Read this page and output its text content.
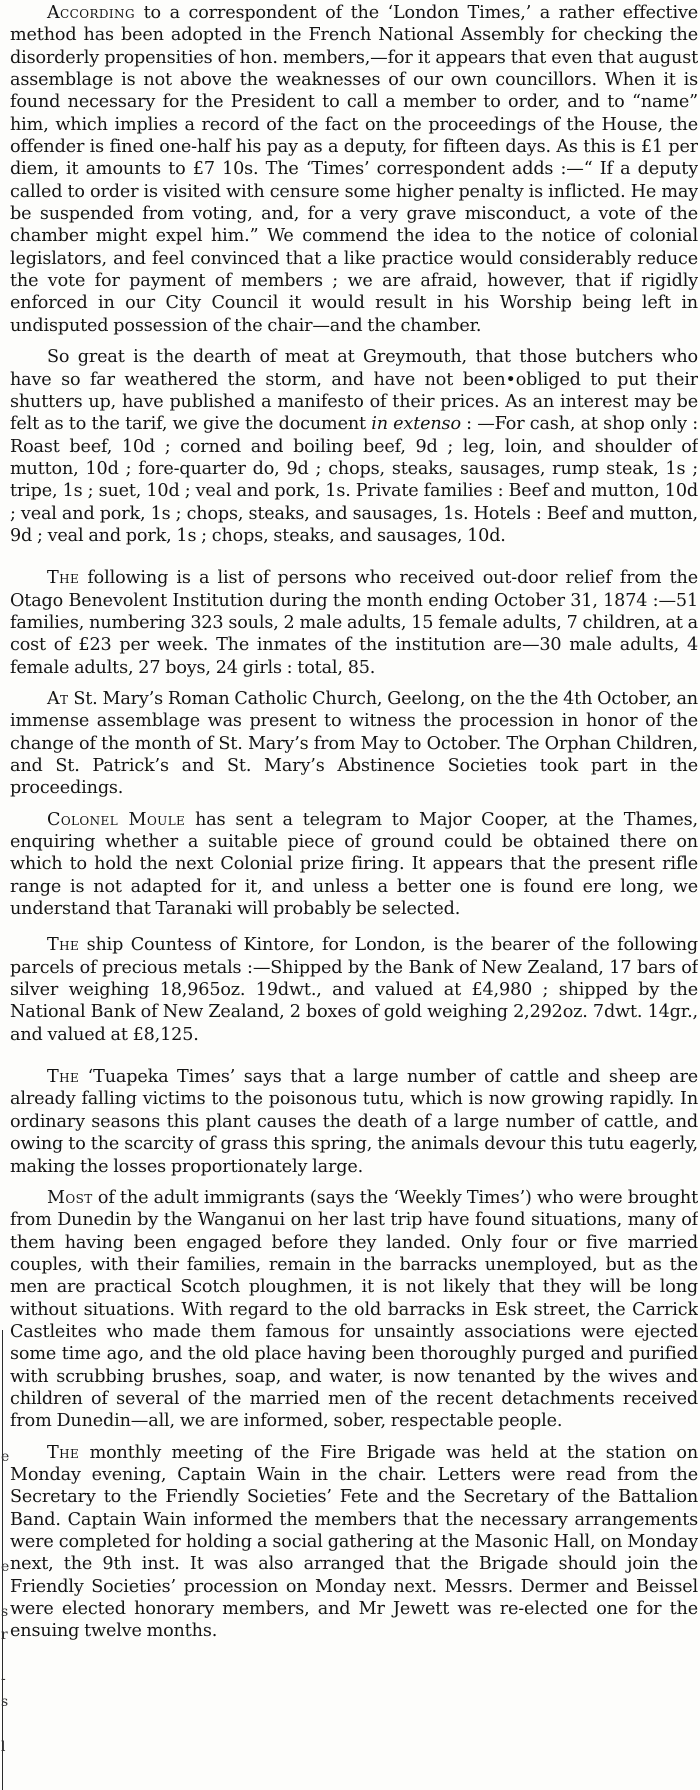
e
e
s
r
-
s
l

According to a correspondent of the ‘London Times,’ a rather effective method has been adopted in the French National Assembly for checking the disorderly propensities of hon. members,—for it appears that even that august assemblage is not above the weaknesses of our own councillors. When it is found necessary for the President to call a member to order, and to “name” him, which implies a record of the fact on the proceedings of the House, the offender is fined one-half his pay as a deputy, for fifteen days. As this is £1 per diem, it amounts to £7 10s. The ‘Times’ correspondent adds :—“ If a deputy called to order is visited with censure some higher penalty is inflicted. He may be suspended from voting, and, for a very grave misconduct, a vote of the chamber might expel him.” We commend the idea to the notice of colonial legislators, and feel convinced that a like practice would considerably reduce the vote for payment of members ; we are afraid, however, that if rigidly enforced in our City Council it would result in his Worship being left in undisputed possession of the chair—and the chamber.

So great is the dearth of meat at Greymouth, that those butchers who have so far weathered the storm, and have not been•obliged to put their shutters up, have published a manifesto of their prices. As an interest may be felt as to the tarif, we give the document in extenso : —For cash, at shop only : Roast beef, 10d ; corned and boiling beef, 9d ; leg, loin, and shoulder of mutton, 10d ; fore-quarter do, 9d ; chops, steaks, sausages, rump steak, 1s ; tripe, 1s ; suet, 10d ; veal and pork, 1s. Private families : Beef and mutton, 10d ; veal and pork, 1s ; chops, steaks, and sausages, 1s. Hotels : Beef and mutton, 9d ; veal and pork, 1s ; chops, steaks, and sausages, 10d.

The following is a list of persons who received out-door relief from the Otago Benevolent Institution during the month ending October 31, 1874 :—51 families, numbering 323 souls, 2 male adults, 15 female adults, 7 children, at a cost of £23 per week. The inmates of the institution are—30 male adults, 4 female adults, 27 boys, 24 girls : total, 85.

At St. Mary’s Roman Catholic Church, Geelong, on the the 4th October, an immense assemblage was present to witness the procession in honor of the change of the month of St. Mary’s from May to October. The Orphan Children, and St. Patrick’s and St. Mary’s Abstinence Societies took part in the proceedings.

Colonel Moule has sent a telegram to Major Cooper, at the Thames, enquiring whether a suitable piece of ground could be obtained there on which to hold the next Colonial prize firing. It appears that the present rifle range is not adapted for it, and unless a better one is found ere long, we understand that Taranaki will probably be selected.

The ship Countess of Kintore, for London, is the bearer of the following parcels of precious metals :—Shipped by the Bank of New Zealand, 17 bars of silver weighing 18,965oz. 19dwt., and valued at £4,980 ; shipped by the National Bank of New Zealand, 2 boxes of gold weighing 2,292oz. 7dwt. 14gr., and valued at £8,125.

The ‘Tuapeka Times’ says that a large number of cattle and sheep are already falling victims to the poisonous tutu, which is now growing rapidly. In ordinary seasons this plant causes the death of a large number of cattle, and owing to the scarcity of grass this spring, the animals devour this tutu eagerly, making the losses proportionately large.

Most of the adult immigrants (says the ‘Weekly Times’) who were brought from Dunedin by the Wanganui on her last trip have found situations, many of them having been engaged before they landed. Only four or five married couples, with their families, remain in the barracks unemployed, but as the men are practical Scotch ploughmen, it is not likely that they will be long without situations. With regard to the old barracks in Esk street, the Carrick Castleites who made them famous for unsaintly associations were ejected some time ago, and the old place having been thoroughly purged and purified with scrubbing brushes, soap, and water, is now tenanted by the wives and children of several of the married men of the recent detachments received from Dunedin—all, we are informed, sober, respectable people.

The monthly meeting of the Fire Brigade was held at the station on Monday evening, Captain Wain in the chair. Letters were read from the Secretary to the Friendly Societies’ Fete and the Secretary of the Battalion Band. Captain Wain informed the members that the necessary arrangements were completed for holding a social gathering at the Masonic Hall, on Monday next, the 9th inst. It was also arranged that the Brigade should join the Friendly Societies’ procession on Monday next. Messrs. Dermer and Beissel were elected honorary members, and Mr Jewett was re-elected one for the ensuing twelve months.
